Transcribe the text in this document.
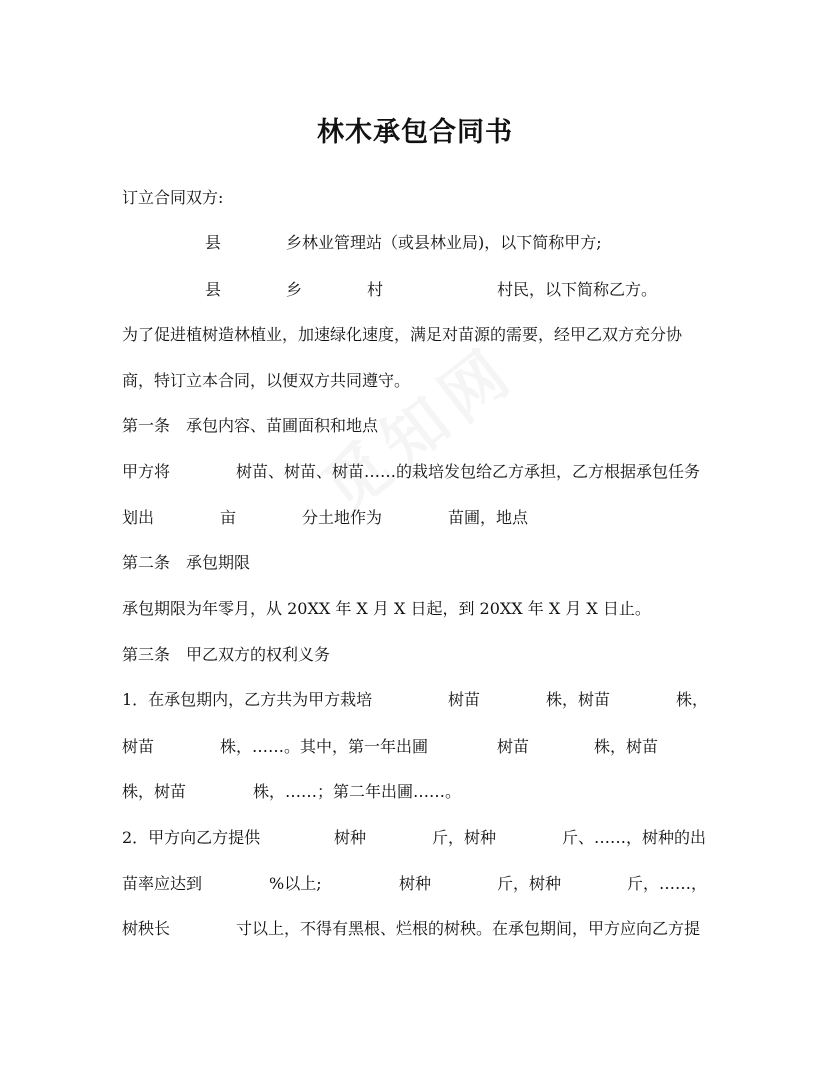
林木承包合同书
订立合同双方:
县	乡林业管理站（或县林业局)，以下简称甲方;
县	乡	村	村民，以下简称乙方。
为了促进植树造林植业，加速绿化速度，满足对苗源的需要，经甲乙双方充分协
商，特订立本合同，以便双方共同遵守。
第一条　承包内容、苗圃面积和地点
甲方将	树苗、树苗、树苗……的栽培发包给乙方承担，乙方根据承包任务
划出	亩	分土地作为	苗圃，地点
第二条　承包期限
承包期限为年零月，从 20XX 年 X 月 X 日起，到 20XX 年 X 月 X 日止。
第三条　甲乙双方的权利义务
1．在承包期内，乙方共为甲方栽培	树苗	株，树苗	株，
树苗	株，……。其中，第一年出圃	树苗	株，树苗
株，树苗	株，……；第二年出圃……。
2．甲方向乙方提供	树种	斤，树种	斤、……，树种的出
苗率应达到	%以上;	树种	斤，树种	斤，……，
树秧长	寸以上，不得有黑根、烂根的树秧。在承包期间，甲方应向乙方提
